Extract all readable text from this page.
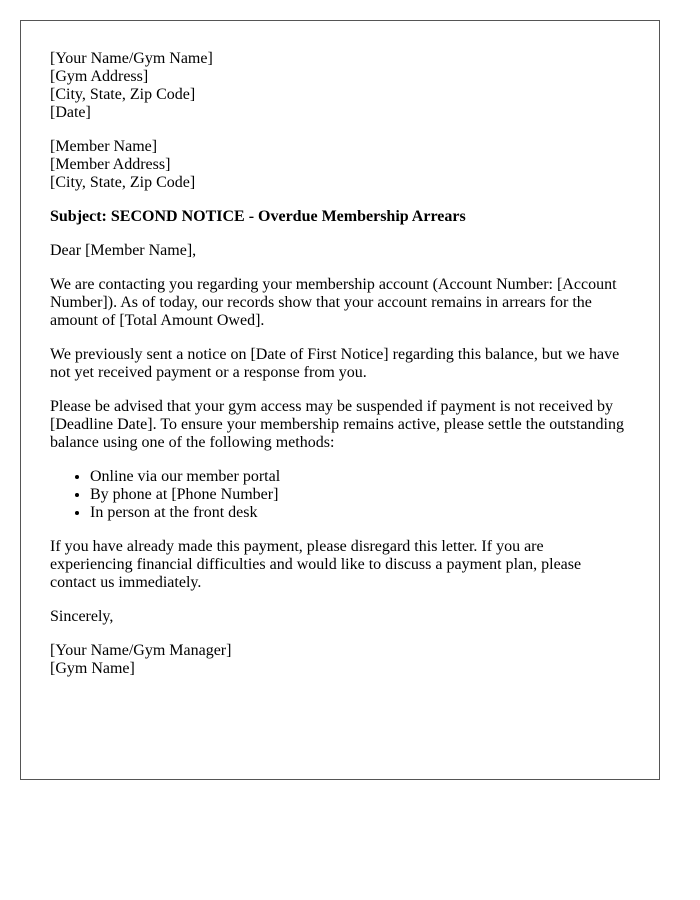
[Your Name/Gym Name]
[Gym Address]
[City, State, Zip Code]
[Date]
[Member Name]
[Member Address]
[City, State, Zip Code]
Subject: SECOND NOTICE - Overdue Membership Arrears

Dear [Member Name],

We are contacting you regarding your membership account (Account Number: [Account Number]). As of today, our records show that your account remains in arrears for the amount of [Total Amount Owed].

We previously sent a notice on [Date of First Notice] regarding this balance, but we have not yet received payment or a response from you.

Please be advised that your gym access may be suspended if payment is not received by [Deadline Date]. To ensure your membership remains active, please settle the outstanding balance using one of the following methods:

• Online via our member portal
• By phone at [Phone Number]
• In person at the front desk

If you have already made this payment, please disregard this letter. If you are experiencing financial difficulties and would like to discuss a payment plan, please contact us immediately.

Sincerely,

[Your Name/Gym Manager]
[Gym Name]
